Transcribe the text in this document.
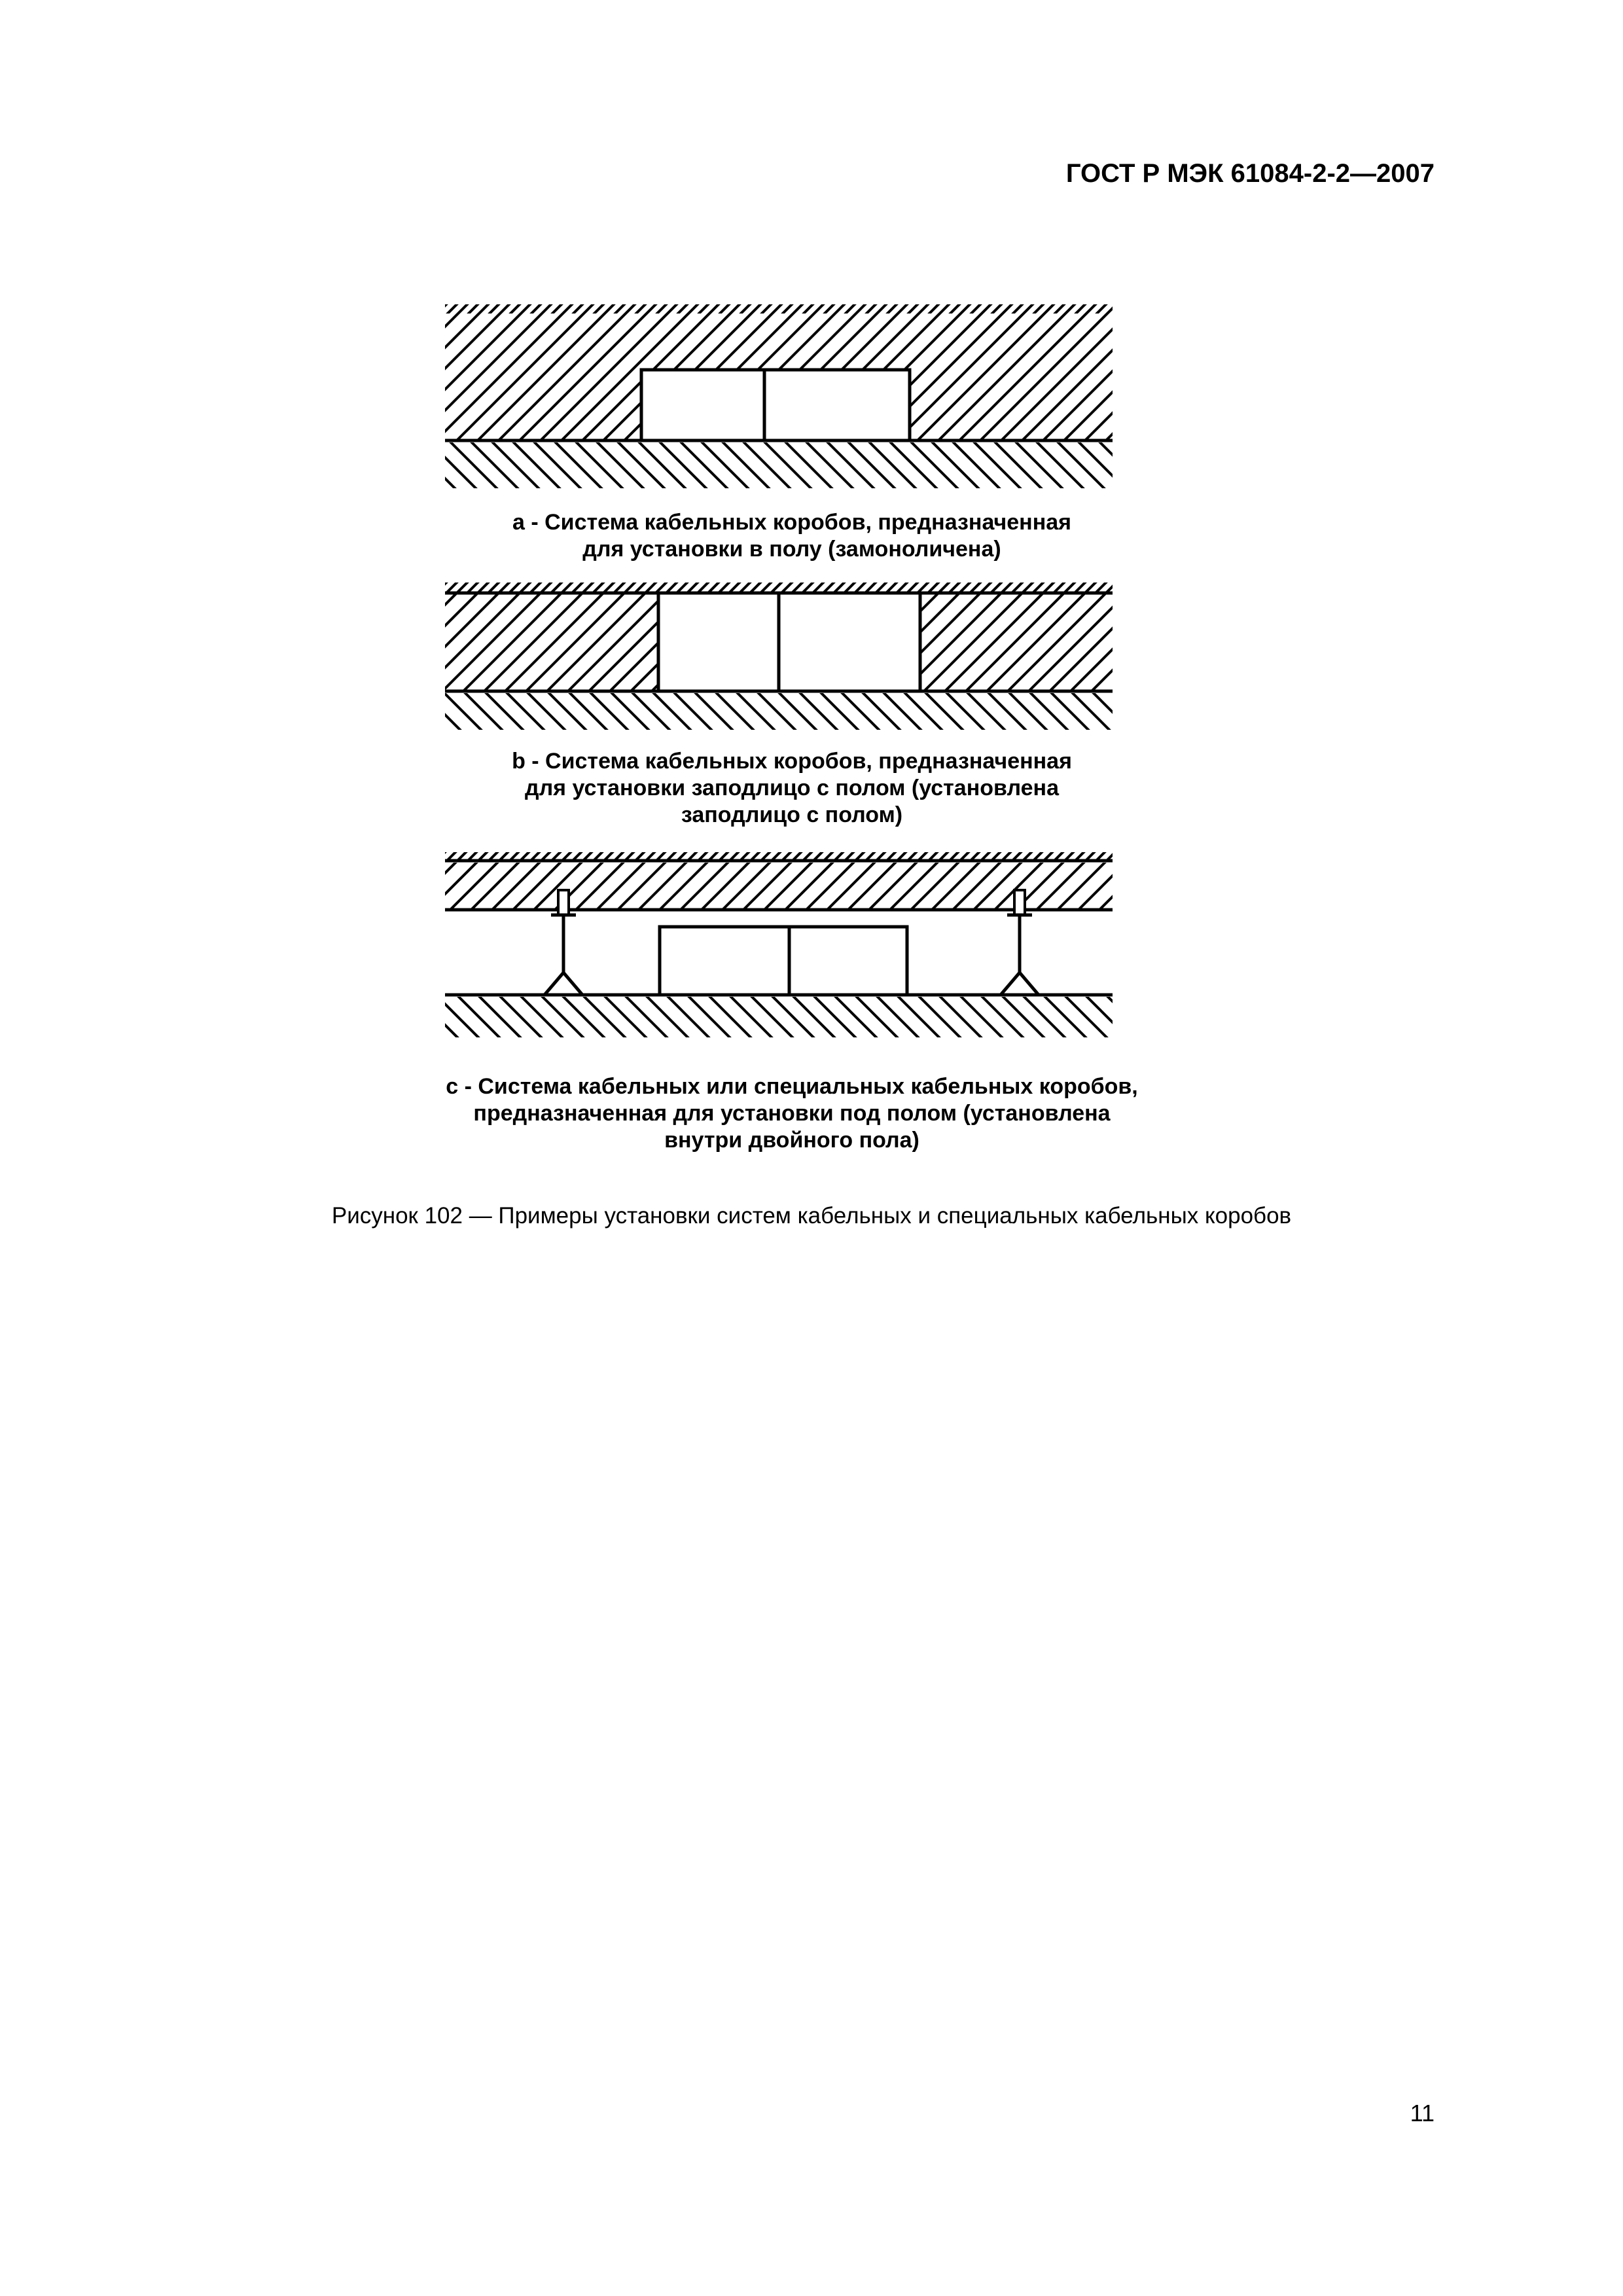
ГОСТ Р МЭК 61084-2-2—2007
а - Система кабельных коробов, предназначенная
для установки в полу (замоноличена)
b - Система кабельных коробов, предназначенная
для установки заподлицо с полом (установлена
заподлицо с полом)
c - Система кабельных или специальных кабельных коробов,
предназначенная для установки под полом (установлена
внутри двойного пола)
Рисунок 102 — Примеры установки систем кабельных и специальных кабельных коробов
11
